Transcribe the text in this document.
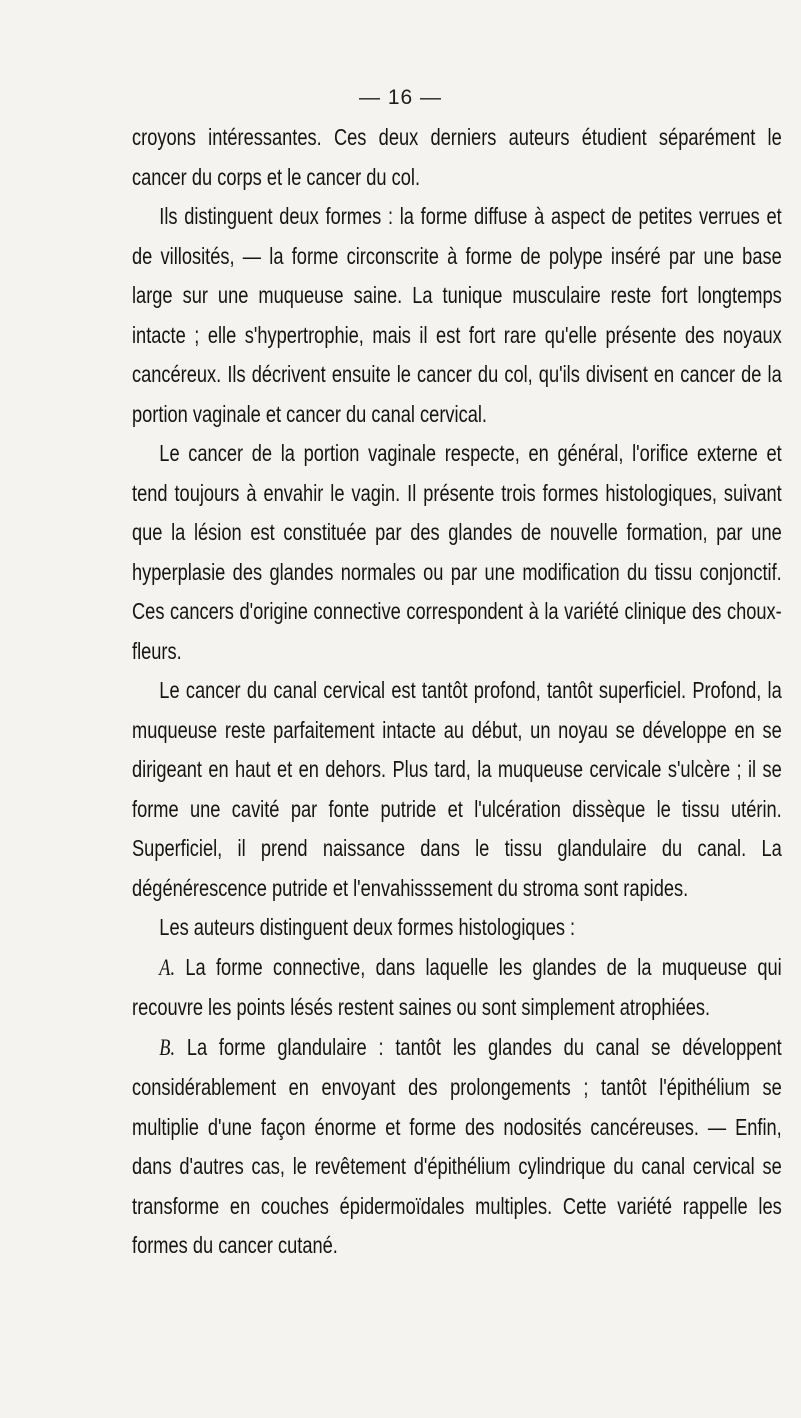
— 16 —

croyons intéressantes. Ces deux derniers auteurs étudient séparément le cancer du corps et le cancer du col.

Ils distinguent deux formes : la forme diffuse à aspect de petites verrues et de villosités, — la forme circonscrite à forme de polype inséré par une base large sur une muqueuse saine. La tunique musculaire reste fort longtemps intacte ; elle s'hypertrophie, mais il est fort rare qu'elle présente des noyaux cancéreux. Ils décrivent ensuite le cancer du col, qu'ils divisent en cancer de la portion vaginale et cancer du canal cervical.

Le cancer de la portion vaginale respecte, en général, l'orifice externe et tend toujours à envahir le vagin. Il présente trois formes histologiques, suivant que la lésion est constituée par des glandes de nouvelle formation, par une hyperplasie des glandes normales ou par une modification du tissu conjonctif. Ces cancers d'origine connective correspondent à la variété clinique des choux-fleurs.

Le cancer du canal cervical est tantôt profond, tantôt superficiel. Profond, la muqueuse reste parfaitement intacte au début, un noyau se développe en se dirigeant en haut et en dehors. Plus tard, la muqueuse cervicale s'ulcère ; il se forme une cavité par fonte putride et l'ulcération dissèque le tissu utérin. Superficiel, il prend naissance dans le tissu glandulaire du canal. La dégénérescence putride et l'envahisssement du stroma sont rapides.

Les auteurs distinguent deux formes histologiques :

A. La forme connective, dans laquelle les glandes de la muqueuse qui recouvre les points lésés restent saines ou sont simplement atrophiées.

B. La forme glandulaire : tantôt les glandes du canal se développent considérablement en envoyant des prolongements ; tantôt l'épithélium se multiplie d'une façon énorme et forme des nodosités cancéreuses. — Enfin, dans d'autres cas, le revêtement d'épithélium cylindrique du canal cervical se transforme en couches épidermoïdales multiples. Cette variété rappelle les formes du cancer cutané.
